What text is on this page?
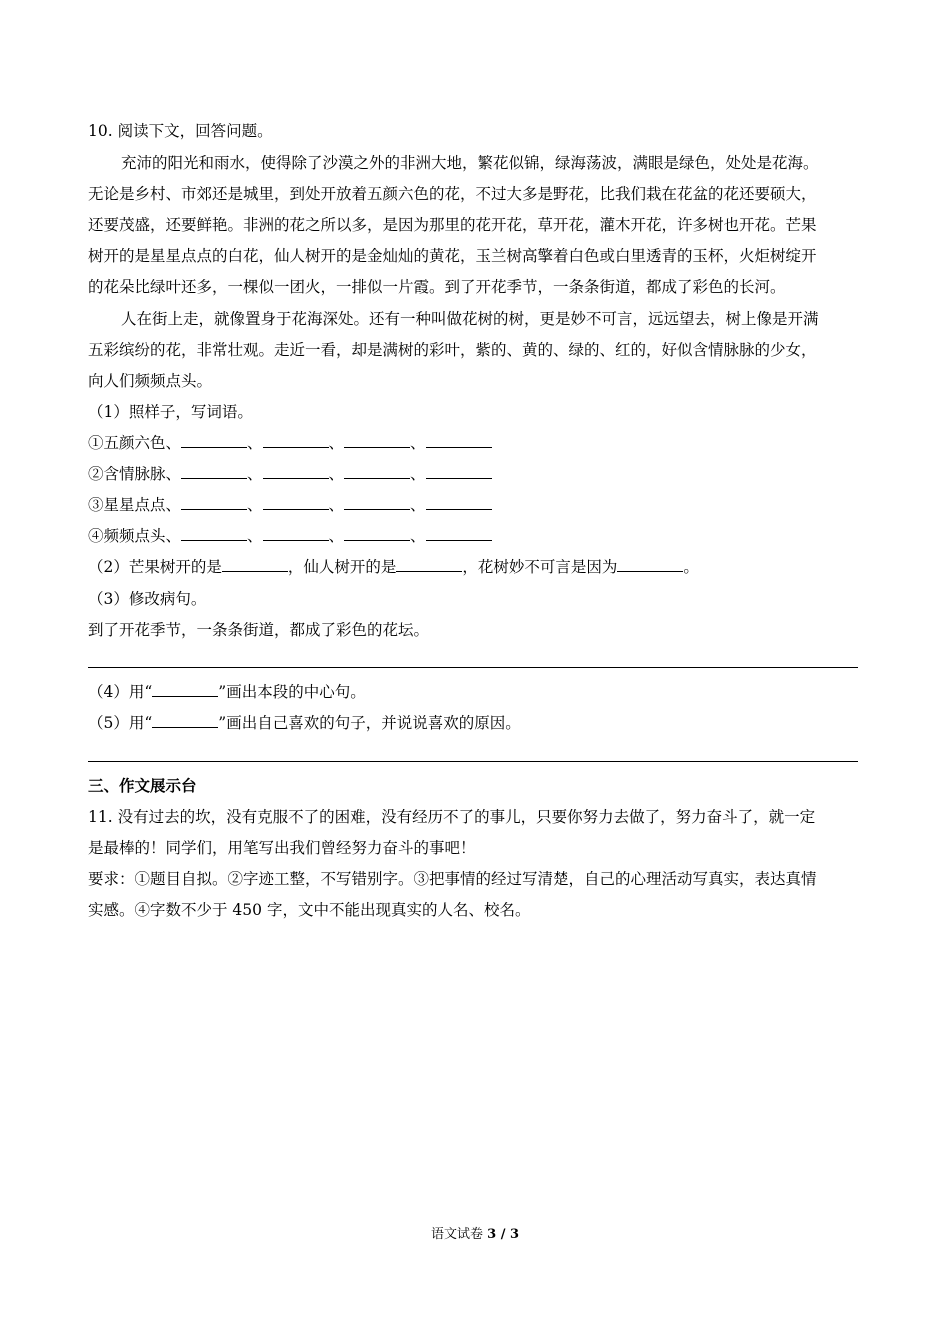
10. 阅读下文，回答问题。
充沛的阳光和雨水，使得除了沙漠之外的非洲大地，繁花似锦，绿海荡波，满眼是绿色，处处是花海。
无论是乡村、市郊还是城里，到处开放着五颜六色的花，不过大多是野花，比我们栽在花盆的花还要硕大，
还要茂盛，还要鲜艳。非洲的花之所以多，是因为那里的花开花，草开花，灌木开花，许多树也开花。芒果
树开的是星星点点的白花，仙人树开的是金灿灿的黄花，玉兰树高擎着白色或白里透青的玉杯，火炬树绽开
的花朵比绿叶还多，一棵似一团火，一排似一片霞。到了开花季节，一条条街道，都成了彩色的长河。
人在街上走，就像置身于花海深处。还有一种叫做花树的树，更是妙不可言，远远望去，树上像是开满
五彩缤纷的花，非常壮观。走近一看，却是满树的彩叶，紫的、黄的、绿的、红的，好似含情脉脉的少女，
向人们频频点头。
（1）照样子，写词语。
①五颜六色、	、	、	、
②含情脉脉、	、	、	、
③星星点点、	、	、	、
④频频点头、	、	、	、
（2）芒果树开的是	，仙人树开的是	，花树妙不可言是因为	。
（3）修改病句。
到了开花季节，一条条街道，都成了彩色的花坛。
（4）用“	”画出本段的中心句。
（5）用“	”画出自己喜欢的句子，并说说喜欢的原因。
三、作文展示台
11. 没有过去的坎，没有克服不了的困难，没有经历不了的事儿，只要你努力去做了，努力奋斗了，就一定
是最棒的！同学们，用笔写出我们曾经努力奋斗的事吧！
要求：①题目自拟。②字迹工整，不写错别字。③把事情的经过写清楚，自己的心理活动写真实，表达真情
实感。④字数不少于 450 字，文中不能出现真实的人名、校名。
语文试卷 3 / 3
